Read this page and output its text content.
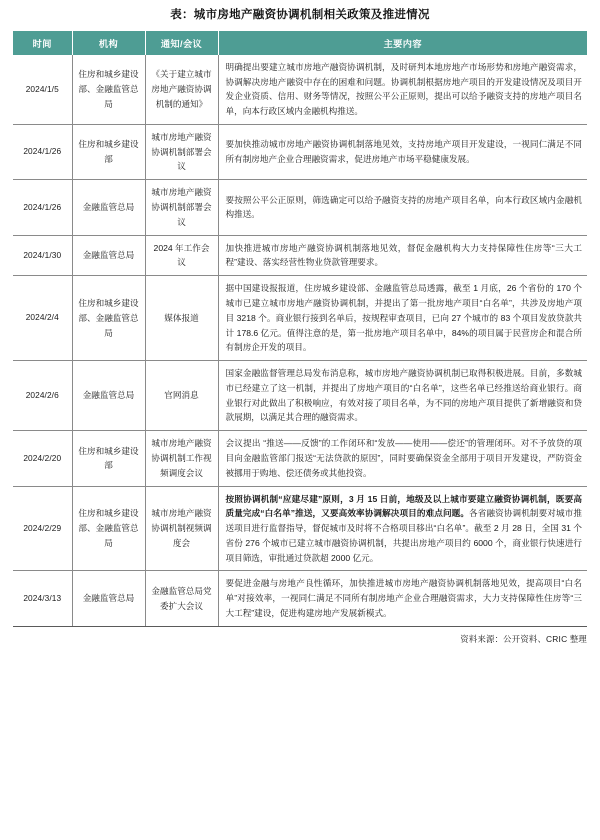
表：城市房地产融资协调机制相关政策及推进情况
时间	机构	通知/会议	主要内容
2024/1/5	住房和城乡建设部、金融监管总局	《关于建立城市房地产融资协调机制的通知》	明确提出要建立城市房地产融资协调机制，及时研判本地房地产市场形势和房地产融资需求，协调解决房地产融资中存在的困难和问题。协调机制根据房地产项目的开发建设情况及项目开发企业资质、信用、财务等情况，按照公平公正原则，提出可以给予融资支持的房地产项目名单，向本行政区域内金融机构推送。
2024/1/26	住房和城乡建设部	城市房地产融资协调机制部署会议	要加快推动城市房地产融资协调机制落地见效，支持房地产项目开发建设，一视同仁满足不同所有制房地产企业合理融资需求，促进房地产市场平稳健康发展。
2024/1/26	金融监管总局	城市房地产融资协调机制部署会议	要按照公平公正原则，筛选确定可以给予融资支持的房地产项目名单，向本行政区域内金融机构推送。
2024/1/30	金融监管总局	2024 年工作会议	加快推进城市房地产融资协调机制落地见效，督促金融机构大力支持保障性住房等“三大工程”建设、落实经营性物业贷款管理要求。
2024/2/4	住房和城乡建设部、金融监管总局	媒体报道	据中国建设报报道，住房城乡建设部、金融监管总局透露，截至 1 月底，26 个省份的 170 个城市已建立城市房地产融资协调机制，并提出了第一批房地产项目“白名单”，共涉及房地产项目 3218 个。商业银行接到名单后，按规程审查项目，已向 27 个城市的 83 个项目发放贷款共计 178.6 亿元。值得注意的是，第一批房地产项目名单中，84%的项目属于民营房企和混合所有制房企开发的项目。
2024/2/6	金融监管总局	官网消息	国家金融监督管理总局发布消息称，城市房地产融资协调机制已取得积极进展。目前，多数城市已经建立了这一机制，并提出了房地产项目的“白名单”，这些名单已经推送给商业银行。商业银行对此做出了积极响应，有效对接了项目名单，为不同的房地产项目提供了新增融资和贷款展期，以满足其合理的融资需求。
2024/2/20	住房和城乡建设部	城市房地产融资协调机制工作视频调度会议	会议提出 “推送――反馈”的工作闭环和“发放――使用――偿还”的管理闭环。对不予放贷的项目向金融监管部门报送“无法贷款的原因”，同时要确保资金全部用于项目开发建设，严防资金被挪用于购地、偿还债务或其他投资。
2024/2/29	住房和城乡建设部、金融监管总局	城市房地产融资协调机制视频调度会	按照协调机制“应建尽建”原则，3 月 15 日前，地级及以上城市要建立融资协调机制，既要高质量完成“白名单”推送，又要高效率协调解决项目的难点问题。各省融资协调机制要对城市推送项目进行监督指导，督促城市及时将不合格项目移出“白名单”。截至 2 月 28 日，全国 31 个省份 276 个城市已建立城市融资协调机制，共提出房地产项目约 6000 个，商业银行快速进行项目筛选，审批通过贷款超 2000 亿元。
2024/3/13	金融监管总局	金融监管总局党委扩大会议	要促进金融与房地产良性循环，加快推进城市房地产融资协调机制落地见效，提高项目“白名单”对接效率，一视同仁满足不同所有制房地产企业合理融资需求，大力支持保障性住房等“三大工程”建设，促进构建房地产发展新模式。
资料来源：公开资料、CRIC 整理
